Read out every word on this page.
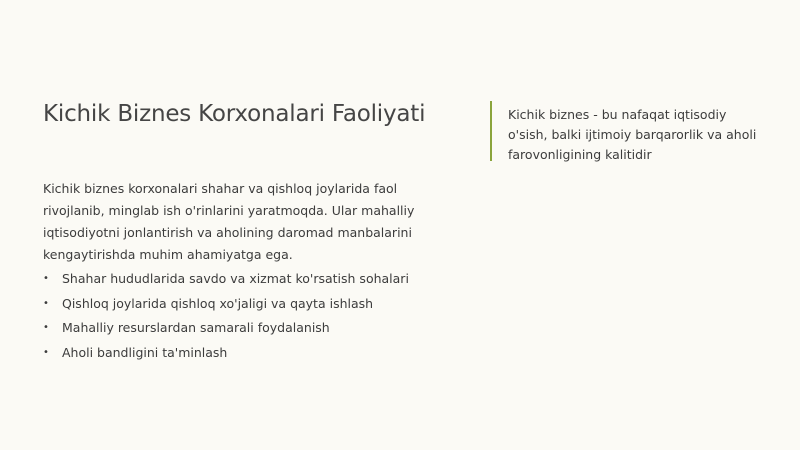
Kichik Biznes Korxonalari Faoliyati	Kichik biznes - bu nafaqat iqtisodiy o'sish, balki ijtimoiy barqarorlik va aholi farovonligining kalitidir

Kichik biznes korxonalari shahar va qishloq joylarida faol rivojlanib, minglab ish o'rinlarini yaratmoqda. Ular mahalliy iqtisodiyotni jonlantirish va aholining daromad manbalarini kengaytirishda muhim ahamiyatga ega.

• Shahar hududlarida savdo va xizmat ko'rsatish sohalari
• Qishloq joylarida qishloq xo'jaligi va qayta ishlash
• Mahalliy resurslardan samarali foydalanish
• Aholi bandligini ta'minlash
